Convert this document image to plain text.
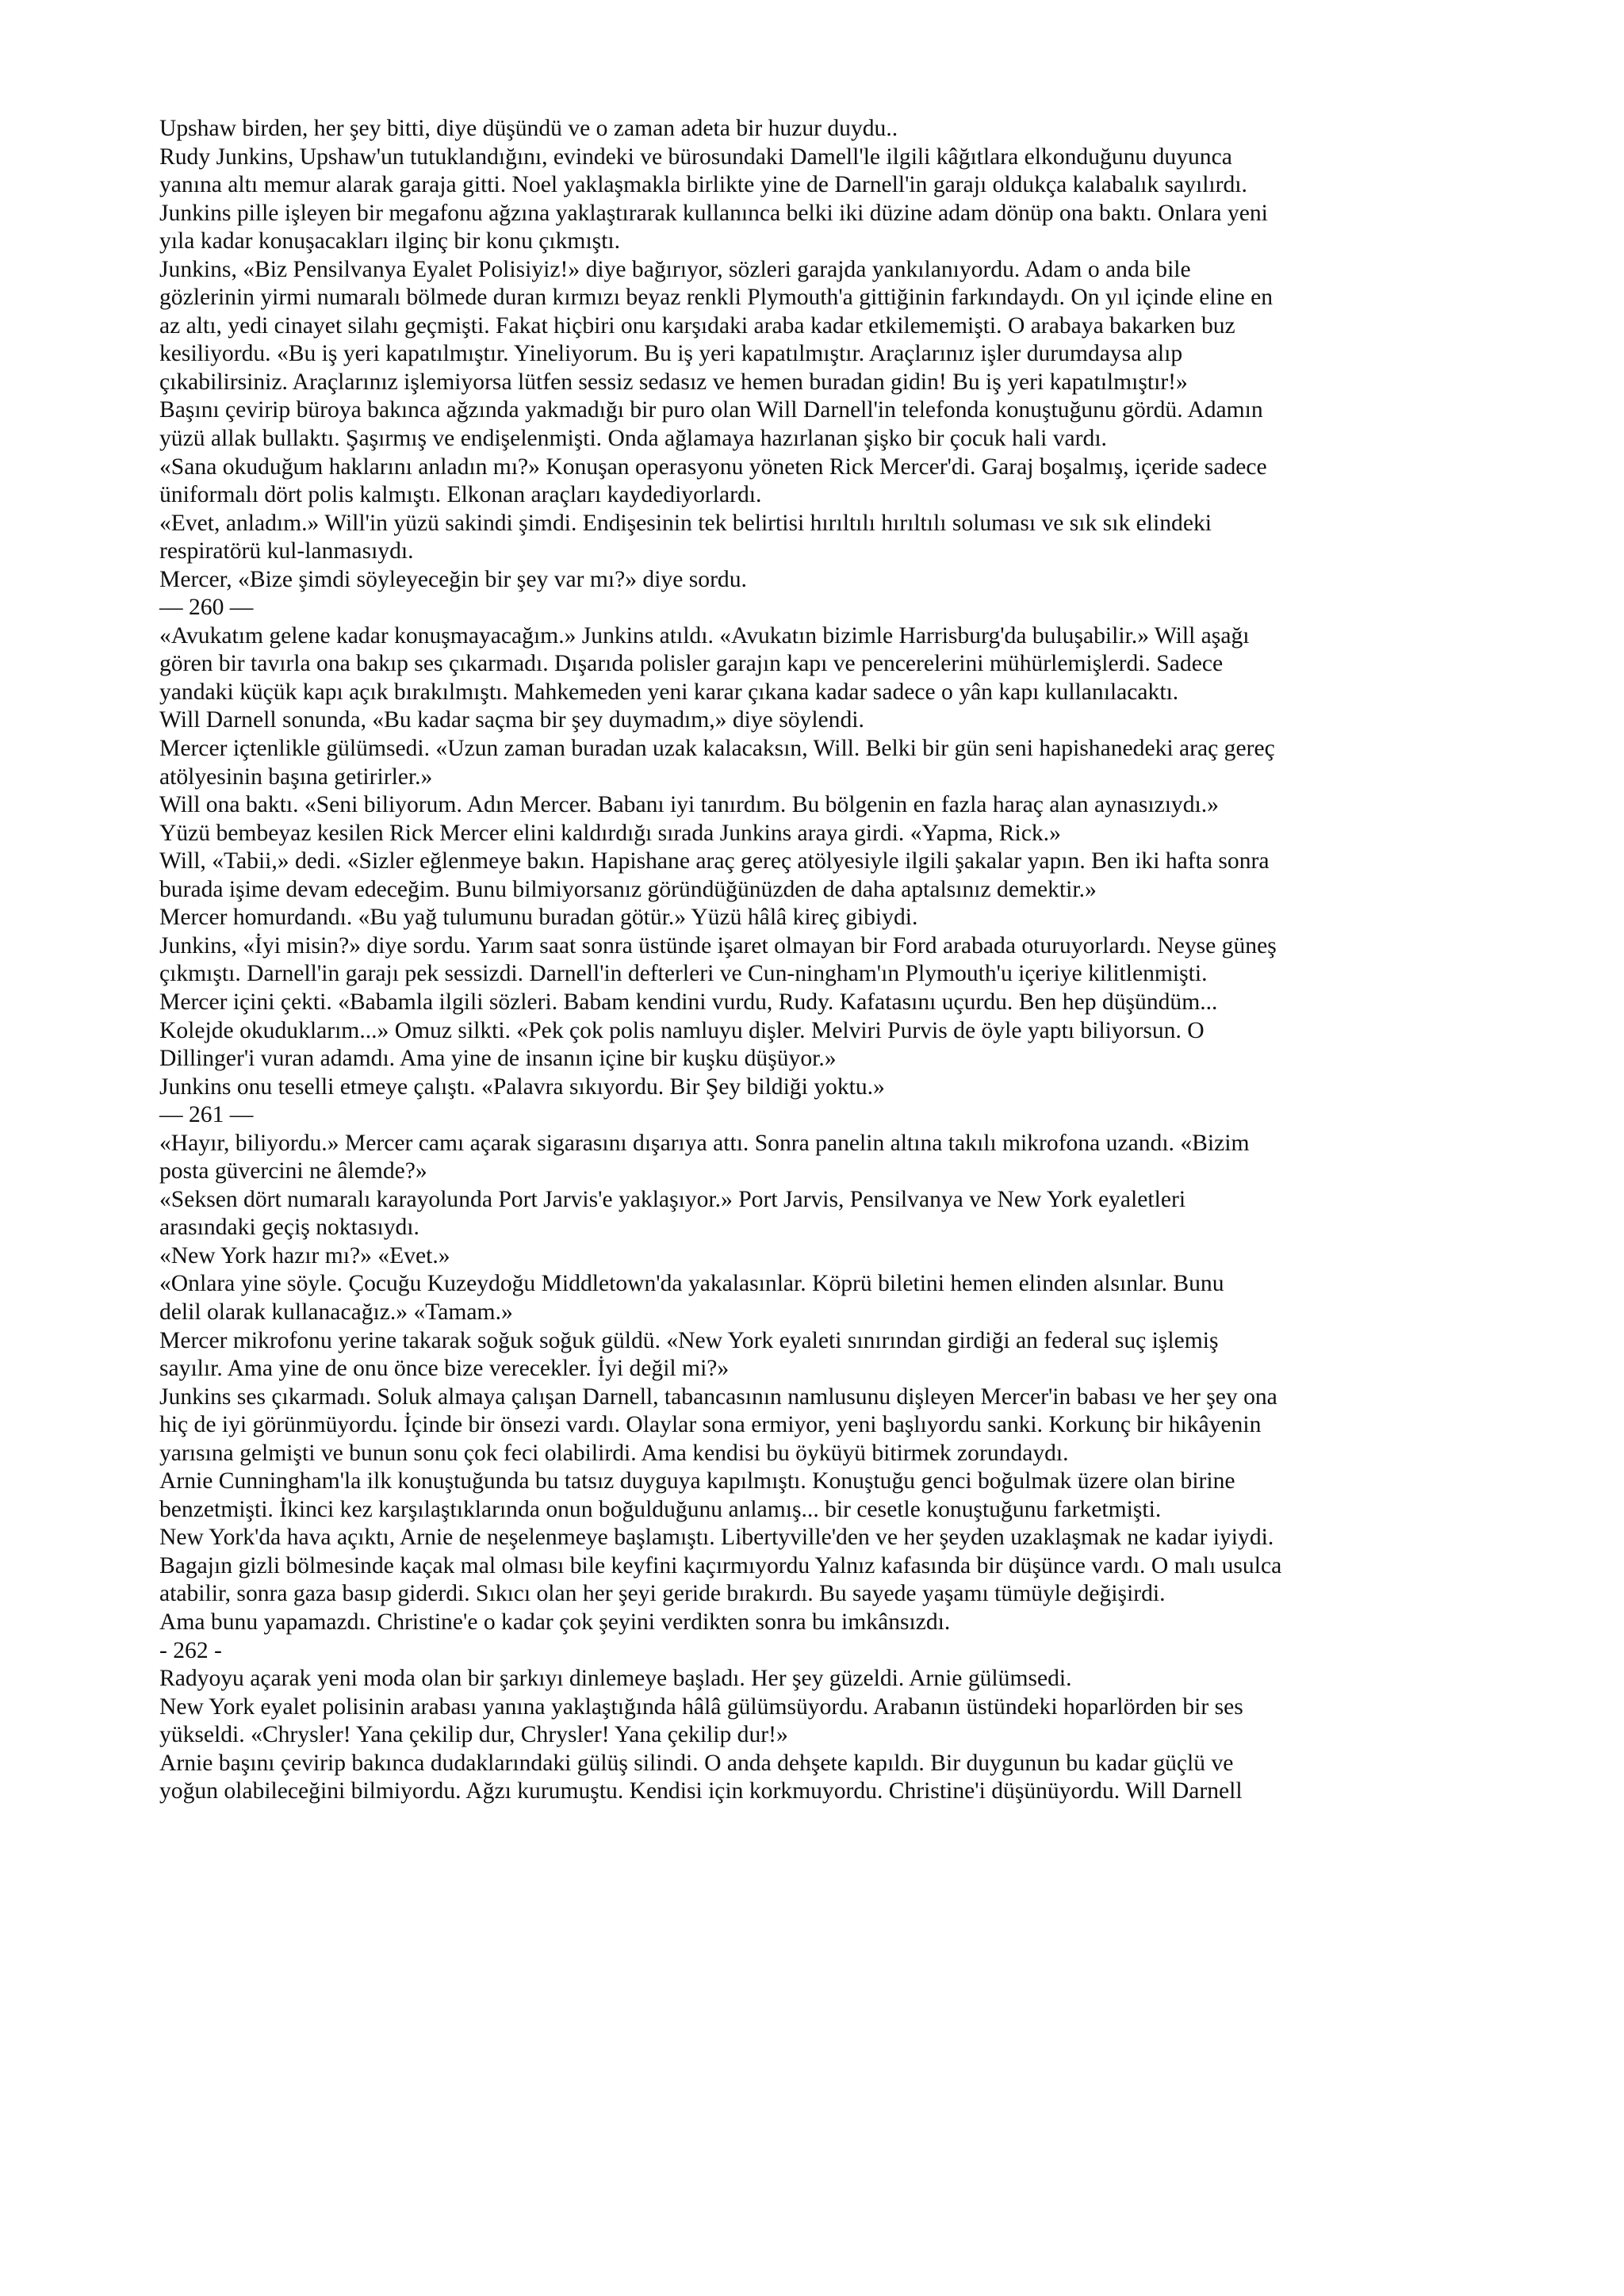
Upshaw birden, her şey bitti, diye düşündü ve o zaman adeta bir huzur duydu..
Rudy Junkins, Upshaw'un tutuklandığını, evindeki ve bürosundaki Damell'le ilgili kâğıtlara elkonduğunu duyunca
yanına altı memur alarak garaja gitti. Noel yaklaşmakla birlikte yine de Darnell'in garajı oldukça kalabalık sayılırdı.
Junkins pille işleyen bir megafonu ağzına yaklaştırarak kullanınca belki iki düzine adam dönüp ona baktı. Onlara yeni
yıla kadar konuşacakları ilginç bir konu çıkmıştı.
Junkins, «Biz Pensilvanya Eyalet Polisiyiz!» diye bağırıyor, sözleri garajda yankılanıyordu. Adam o anda bile
gözlerinin yirmi numaralı bölmede duran kırmızı beyaz renkli Plymouth'a gittiğinin farkındaydı. On yıl içinde eline en
az altı, yedi cinayet silahı geçmişti. Fakat hiçbiri onu karşıdaki araba kadar etkilememişti. O arabaya bakarken buz
kesiliyordu. «Bu iş yeri kapatılmıştır. Yineliyorum. Bu iş yeri kapatılmıştır. Araçlarınız işler durumdaysa alıp
çıkabilirsiniz. Araçlarınız işlemiyorsa lütfen sessiz sedasız ve hemen buradan gidin! Bu iş yeri kapatılmıştır!»
Başını çevirip büroya bakınca ağzında yakmadığı bir puro olan Will Darnell'in telefonda konuştuğunu gördü. Adamın
yüzü allak bullaktı. Şaşırmış ve endişelenmişti. Onda ağlamaya hazırlanan şişko bir çocuk hali vardı.
«Sana okuduğum haklarını anladın mı?» Konuşan operasyonu yöneten Rick Mercer'di. Garaj boşalmış, içeride sadece
üniformalı dört polis kalmıştı. Elkonan araçları kaydediyorlardı.
«Evet, anladım.» Will'in yüzü sakindi şimdi. Endişesinin tek belirtisi hırıltılı hırıltılı soluması ve sık sık elindeki
respiratörü kul-lanmasıydı.
Mercer, «Bize şimdi söyleyeceğin bir şey var mı?» diye sordu.
— 260 —
«Avukatım gelene kadar konuşmayacağım.» Junkins atıldı. «Avukatın bizimle Harrisburg'da buluşabilir.» Will aşağı
gören bir tavırla ona bakıp ses çıkarmadı. Dışarıda polisler garajın kapı ve pencerelerini mühürlemişlerdi. Sadece
yandaki küçük kapı açık bırakılmıştı. Mahkemeden yeni karar çıkana kadar sadece o yân kapı kullanılacaktı.
Will Darnell sonunda, «Bu kadar saçma bir şey duymadım,» diye söylendi.
Mercer içtenlikle gülümsedi. «Uzun zaman buradan uzak kalacaksın, Will. Belki bir gün seni hapishanedeki araç gereç
atölyesinin başına getirirler.»
Will ona baktı. «Seni biliyorum. Adın Mercer. Babanı iyi tanırdım. Bu bölgenin en fazla haraç alan aynasızıydı.»
Yüzü bembeyaz kesilen Rick Mercer elini kaldırdığı sırada Junkins araya girdi. «Yapma, Rick.»
Will, «Tabii,» dedi. «Sizler eğlenmeye bakın. Hapishane araç gereç atölyesiyle ilgili şakalar yapın. Ben iki hafta sonra
burada işime devam edeceğim. Bunu bilmiyorsanız göründüğünüzden de daha aptalsınız demektir.»
Mercer homurdandı. «Bu yağ tulumunu buradan götür.» Yüzü hâlâ kireç gibiydi.
Junkins, «İyi misin?» diye sordu. Yarım saat sonra üstünde işaret olmayan bir Ford arabada oturuyorlardı. Neyse güneş
çıkmıştı. Darnell'in garajı pek sessizdi. Darnell'in defterleri ve Cun-ningham'ın Plymouth'u içeriye kilitlenmişti.
Mercer içini çekti. «Babamla ilgili sözleri. Babam kendini vurdu, Rudy. Kafatasını uçurdu. Ben hep düşündüm...
Kolejde okuduklarım...» Omuz silkti. «Pek çok polis namluyu dişler. Melviri Purvis de öyle yaptı biliyorsun. O
Dillinger'i vuran adamdı. Ama yine de insanın içine bir kuşku düşüyor.»
Junkins onu teselli etmeye çalıştı. «Palavra sıkıyordu. Bir Şey bildiği yoktu.»
— 261 —
«Hayır, biliyordu.» Mercer camı açarak sigarasını dışarıya attı. Sonra panelin altına takılı mikrofona uzandı. «Bizim
posta güvercini ne âlemde?»
«Seksen dört numaralı karayolunda Port Jarvis'e yaklaşıyor.» Port Jarvis, Pensilvanya ve New York eyaletleri
arasındaki geçiş noktasıydı.
«New York hazır mı?» «Evet.»
«Onlara yine söyle. Çocuğu Kuzeydoğu Middletown'da yakalasınlar. Köprü biletini hemen elinden alsınlar. Bunu
delil olarak kullanacağız.» «Tamam.»
Mercer mikrofonu yerine takarak soğuk soğuk güldü. «New York eyaleti sınırından girdiği an federal suç işlemiş
sayılır. Ama yine de onu önce bize verecekler. İyi değil mi?»
Junkins ses çıkarmadı. Soluk almaya çalışan Darnell, tabancasının namlusunu dişleyen Mercer'in babası ve her şey ona
hiç de iyi görünmüyordu. İçinde bir önsezi vardı. Olaylar sona ermiyor, yeni başlıyordu sanki. Korkunç bir hikâyenin
yarısına gelmişti ve bunun sonu çok feci olabilirdi. Ama kendisi bu öyküyü bitirmek zorundaydı.
Arnie Cunningham'la ilk konuştuğunda bu tatsız duyguya kapılmıştı. Konuştuğu genci boğulmak üzere olan birine
benzetmişti. İkinci kez karşılaştıklarında onun boğulduğunu anlamış... bir cesetle konuştuğunu farketmişti.
New York'da hava açıktı, Arnie de neşelenmeye başlamıştı. Libertyville'den ve her şeyden uzaklaşmak ne kadar iyiydi.
Bagajın gizli bölmesinde kaçak mal olması bile keyfini kaçırmıyordu Yalnız kafasında bir düşünce vardı. O malı usulca
atabilir, sonra gaza basıp giderdi. Sıkıcı olan her şeyi geride bırakırdı. Bu sayede yaşamı tümüyle değişirdi.
Ama bunu yapamazdı. Christine'e o kadar çok şeyini verdikten sonra bu imkânsızdı.
- 262 -
Radyoyu açarak yeni moda olan bir şarkıyı dinlemeye başladı. Her şey güzeldi. Arnie gülümsedi.
New York eyalet polisinin arabası yanına yaklaştığında hâlâ gülümsüyordu. Arabanın üstündeki hoparlörden bir ses
yükseldi. «Chrysler! Yana çekilip dur, Chrysler! Yana çekilip dur!»
Arnie başını çevirip bakınca dudaklarındaki gülüş silindi. O anda dehşete kapıldı. Bir duygunun bu kadar güçlü ve
yoğun olabileceğini bilmiyordu. Ağzı kurumuştu. Kendisi için korkmuyordu. Christine'i düşünüyordu. Will Darnell
